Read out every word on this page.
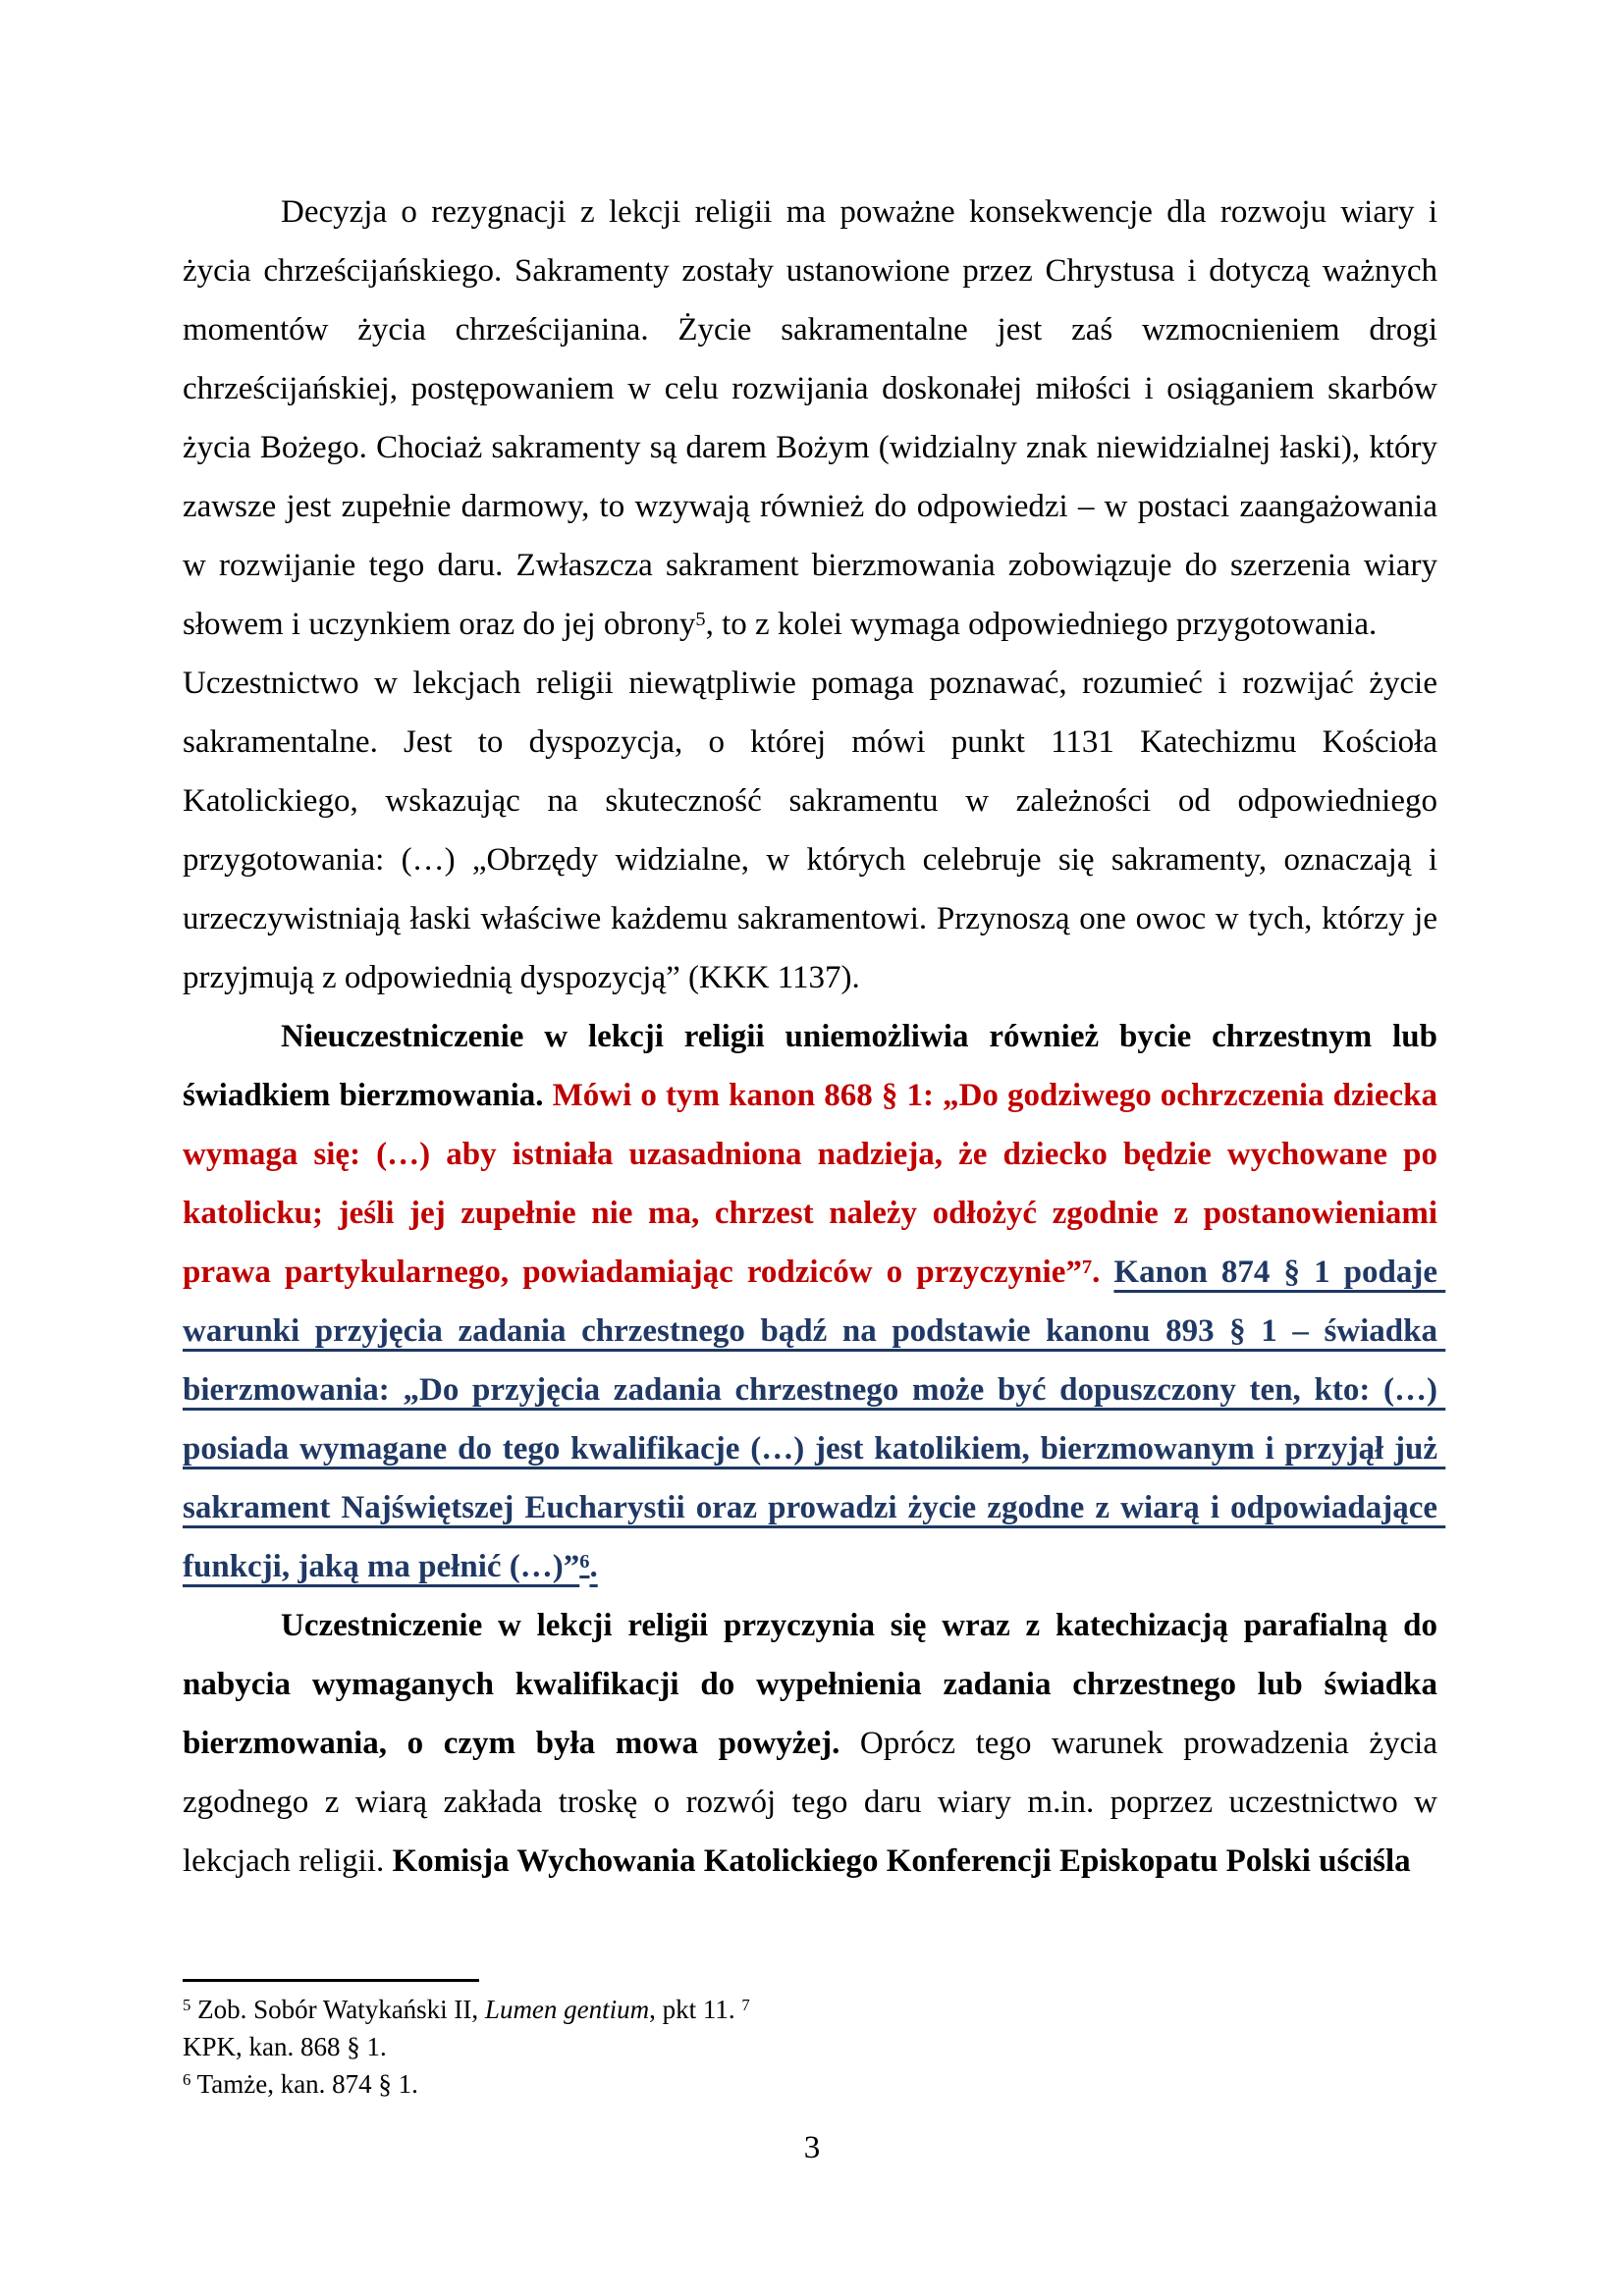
Decyzja o rezygnacji z lekcji religii ma poważne konsekwencje dla rozwoju wiary i życia chrześcijańskiego. Sakramenty zostały ustanowione przez Chrystusa i dotyczą ważnych momentów życia chrześcijanina. Życie sakramentalne jest zaś wzmocnieniem drogi chrześcijańskiej, postępowaniem w celu rozwijania doskonałej miłości i osiąganiem skarbów życia Bożego. Chociaż sakramenty są darem Bożym (widzialny znak niewidzialnej łaski), który zawsze jest zupełnie darmowy, to wzywają również do odpowiedzi – w postaci zaangażowania w rozwijanie tego daru. Zwłaszcza sakrament bierzmowania zobowiązuje do szerzenia wiary słowem i uczynkiem oraz do jej obrony$^5$, to z kolei wymaga odpowiedniego przygotowania.

Uczestnictwo w lekcjach religii niewątpliwie pomaga poznawać, rozumieć i rozwijać życie sakramentalne. Jest to dyspozycja, o której mówi punkt 1131 Katechizmu Kościoła Katolickiego, wskazując na skuteczność sakramentu w zależności od odpowiedniego przygotowania: (…) „Obrzędy widzialne, w których celebruje się sakramenty, oznaczają i urzeczywistniają łaski właściwe każdemu sakramentowi. Przynoszą one owoc w tych, którzy je przyjmują z odpowiednią dyspozycją” (KKK 1137).

Nieuczestniczenie w lekcji religii uniemożliwia również bycie chrzestnym lub świadkiem bierzmowania. Mówi o tym kanon 868 § 1: „Do godziwego ochrzczenia dziecka wymaga się: (…) aby istniała uzasadniona nadzieja, że dziecko będzie wychowane po katolicku; jeśli jej zupełnie nie ma, chrzest należy odłożyć zgodnie z postanowieniami prawa partykularnego, powiadamiając rodziców o przyczynie”$^7$. Kanon 874 § 1 podaje warunki przyjęcia zadania chrzestnego bądź na podstawie kanonu 893 § 1 – świadka bierzmowania: „Do przyjęcia zadania chrzestnego może być dopuszczony ten, kto: (…) posiada wymagane do tego kwalifikacje (…) jest katolikiem, bierzmowanym i przyjął już sakrament Najświętszej Eucharystii oraz prowadzi życie zgodne z wiarą i odpowiadające funkcji, jaką ma pełnić (…)”$^6$.

Uczestniczenie w lekcji religii przyczynia się wraz z katechizacją parafialną do nabycia wymaganych kwalifikacji do wypełnienia zadania chrzestnego lub świadka bierzmowania, o czym była mowa powyżej. Oprócz tego warunek prowadzenia życia zgodnego z wiarą zakłada troskę o rozwój tego daru wiary m.in. poprzez uczestnictwo w lekcjach religii. Komisja Wychowania Katolickiego Konferencji Episkopatu Polski uściśla

$^5$ Zob. Sobór Watykański II, Lumen gentium, pkt 11. $^7$

KPK, kan. 868 § 1.

$^6$ Tamże, kan. 874 § 1.

3
